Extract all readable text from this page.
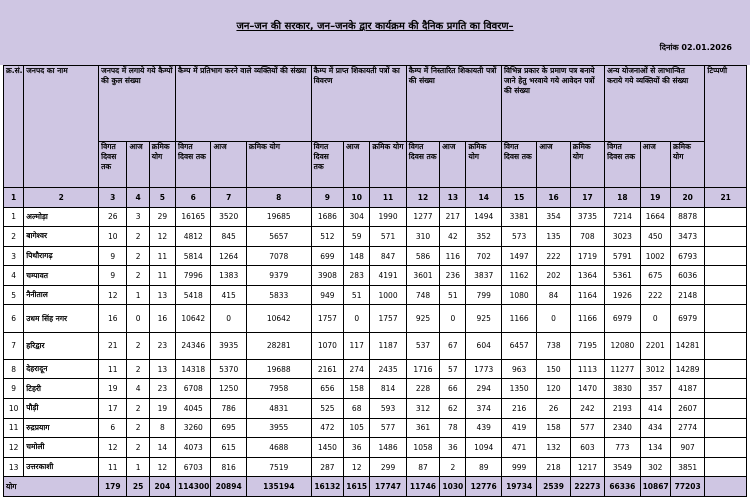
जन–जन की सरकार, जन–जनके द्वार कार्यक्रम की दैनिक प्रगति का विवरण–
दिनांक 02.01.2026
क्र.सं.	जनपद का नाम	जनपद में लगाये गये कैम्पों की कुल संख्या			कैम्प में प्रतिभाग करने वाले व्यक्तियों की संख्या			कैम्प में प्राप्त शिकायती पत्रों का विवरण			कैम्प में निस्तारित शिकायती पत्रों की संख्या			विभिन्न प्रकार के प्रमाण पत्र बनाये जाने हेतु भरवाये गये आवेदन पत्रों की संख्या			अन्य योजनाओं से लाभान्वित कराये गये व्यक्तियों की संख्या			टिप्पणी
		विगत दिवस तक	आज	क्रमिक योग	विगत दिवस तक	आज	क्रमिक योग	विगत दिवस तक	आज	क्रमिक योग	विगत दिवस तक	आज	क्रमिक योग	विगत दिवस तक	आज	क्रमिक योग	विगत दिवस तक	आज	क्रमिक योग	
1	2	3	4	5	6	7	8	9	10	11	12	13	14	15	16	17	18	19	20	21
1	अल्मोड़ा	26	3	29	16165	3520	19685	1686	304	1990	1277	217	1494	3381	354	3735	7214	1664	8878	
2	बागेश्वर	10	2	12	4812	845	5657	512	59	571	310	42	352	573	135	708	3023	450	3473	
3	पिथौरागढ़	9	2	11	5814	1264	7078	699	148	847	586	116	702	1497	222	1719	5791	1002	6793	
4	चम्पावत	9	2	11	7996	1383	9379	3908	283	4191	3601	236	3837	1162	202	1364	5361	675	6036	
5	नैनीताल	12	1	13	5418	415	5833	949	51	1000	748	51	799	1080	84	1164	1926	222	2148	
6	उधम सिंह नगर	16	0	16	10642	0	10642	1757	0	1757	925	0	925	1166	0	1166	6979	0	6979	
7	हरिद्वार	21	2	23	24346	3935	28281	1070	117	1187	537	67	604	6457	738	7195	12080	2201	14281	
8	देहरादून	11	2	13	14318	5370	19688	2161	274	2435	1716	57	1773	963	150	1113	11277	3012	14289	
9	टिहरी	19	4	23	6708	1250	7958	656	158	814	228	66	294	1350	120	1470	3830	357	4187	
10	पौड़ी	17	2	19	4045	786	4831	525	68	593	312	62	374	216	26	242	2193	414	2607	
11	रुद्रप्रयाग	6	2	8	3260	695	3955	472	105	577	361	78	439	419	158	577	2340	434	2774	
12	चमोली	12	2	14	4073	615	4688	1450	36	1486	1058	36	1094	471	132	603	773	134	907	
13	उत्तरकाशी	11	1	12	6703	816	7519	287	12	299	87	2	89	999	218	1217	3549	302	3851	
योग		179	25	204	114300	20894	135194	16132	1615	17747	11746	1030	12776	19734	2539	22273	66336	10867	77203	
